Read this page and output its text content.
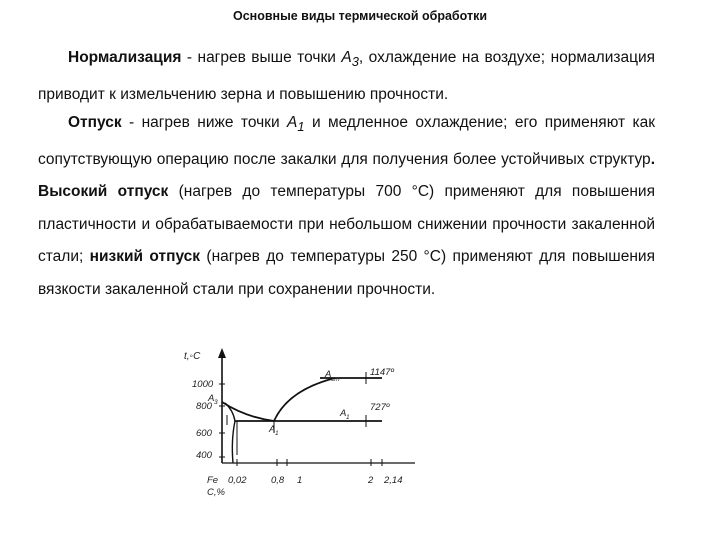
Основные виды термической обработки

Нормализация - нагрев выше точки $A_3$, охлаждение на воздухе; нормализация приводит к измельчению зерна и повышению прочности.

Отпуск - нагрев ниже точки $A_1$ и медленное охлаждение; его применяют как сопутствующую операцию после закалки для получения более устойчивых структур. Высокий отпуск (нагрев до температуры 700 °С) применяют для повышения пластичности и обрабатываемости при небольшом снижении прочности закаленной стали; низкий отпуск (нагрев до температуры 250 °С) применяют для повышения вязкости закаленной стали при сохранении прочности.

t,◦C
1000
800
600
400
A 3
A cm
A 1
A 1
1147º
727º
Fe 0,02
C,%
0,8 1	2 2,14
